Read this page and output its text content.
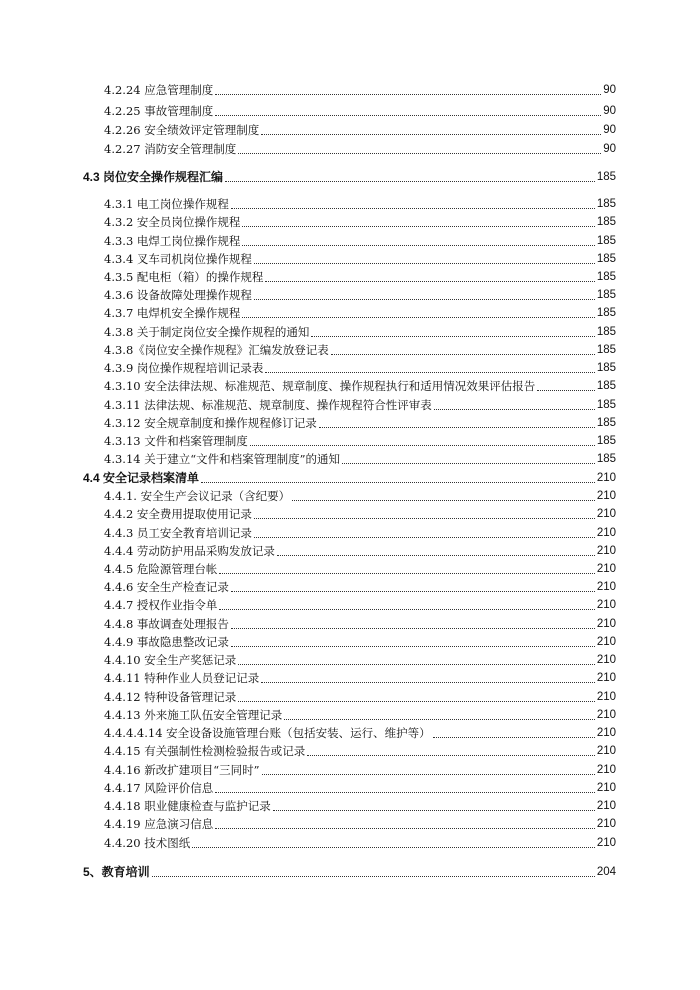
4.2.24 应急管理制度	90
4.2.25 事故管理制度	90
4.2.26 安全绩效评定管理制度	90
4.2.27 消防安全管理制度	90
4.3 岗位安全操作规程汇编	185
4.3.1 电工岗位操作规程	185
4.3.2 安全员岗位操作规程	185
4.3.3 电焊工岗位操作规程	185
4.3.4 叉车司机岗位操作规程	185
4.3.5 配电柜（箱）的操作规程	185
4.3.6 设备故障处理操作规程	185
4.3.7 电焊机安全操作规程	185
4.3.8 关于制定岗位安全操作规程的通知	185
4.3.8《岗位安全操作规程》汇编发放登记表	185
4.3.9 岗位操作规程培训记录表	185
4.3.10 安全法律法规、标准规范、规章制度、操作规程执行和适用情况效果评估报告	185
4.3.11 法律法规、标准规范、规章制度、操作规程符合性评审表	185
4.3.12 安全规章制度和操作规程修订记录	185
4.3.13 文件和档案管理制度	185
4.3.14 关于建立“文件和档案管理制度”的通知	185
4.4 安全记录档案清单	210
4.4.1. 安全生产会议记录（含纪要）	210
4.4.2 安全费用提取使用记录	210
4.4.3 员工安全教育培训记录	210
4.4.4 劳动防护用品采购发放记录	210
4.4.5 危险源管理台帐	210
4.4.6 安全生产检查记录	210
4.4.7 授权作业指令单	210
4.4.8 事故调查处理报告	210
4.4.9 事故隐患整改记录	210
4.4.10 安全生产奖惩记录	210
4.4.11 特种作业人员登记记录	210
4.4.12 特种设备管理记录	210
4.4.13 外来施工队伍安全管理记录	210
4.4.4.4.14 安全设备设施管理台账（包括安装、运行、维护等）	210
4.4.15 有关强制性检测检验报告或记录	210
4.4.16 新改扩建项目“三同时”	210
4.4.17 风险评价信息	210
4.4.18 职业健康检查与监护记录	210
4.4.19 应急演习信息	210
4.4.20 技术图纸	210
5、教育培训	204
